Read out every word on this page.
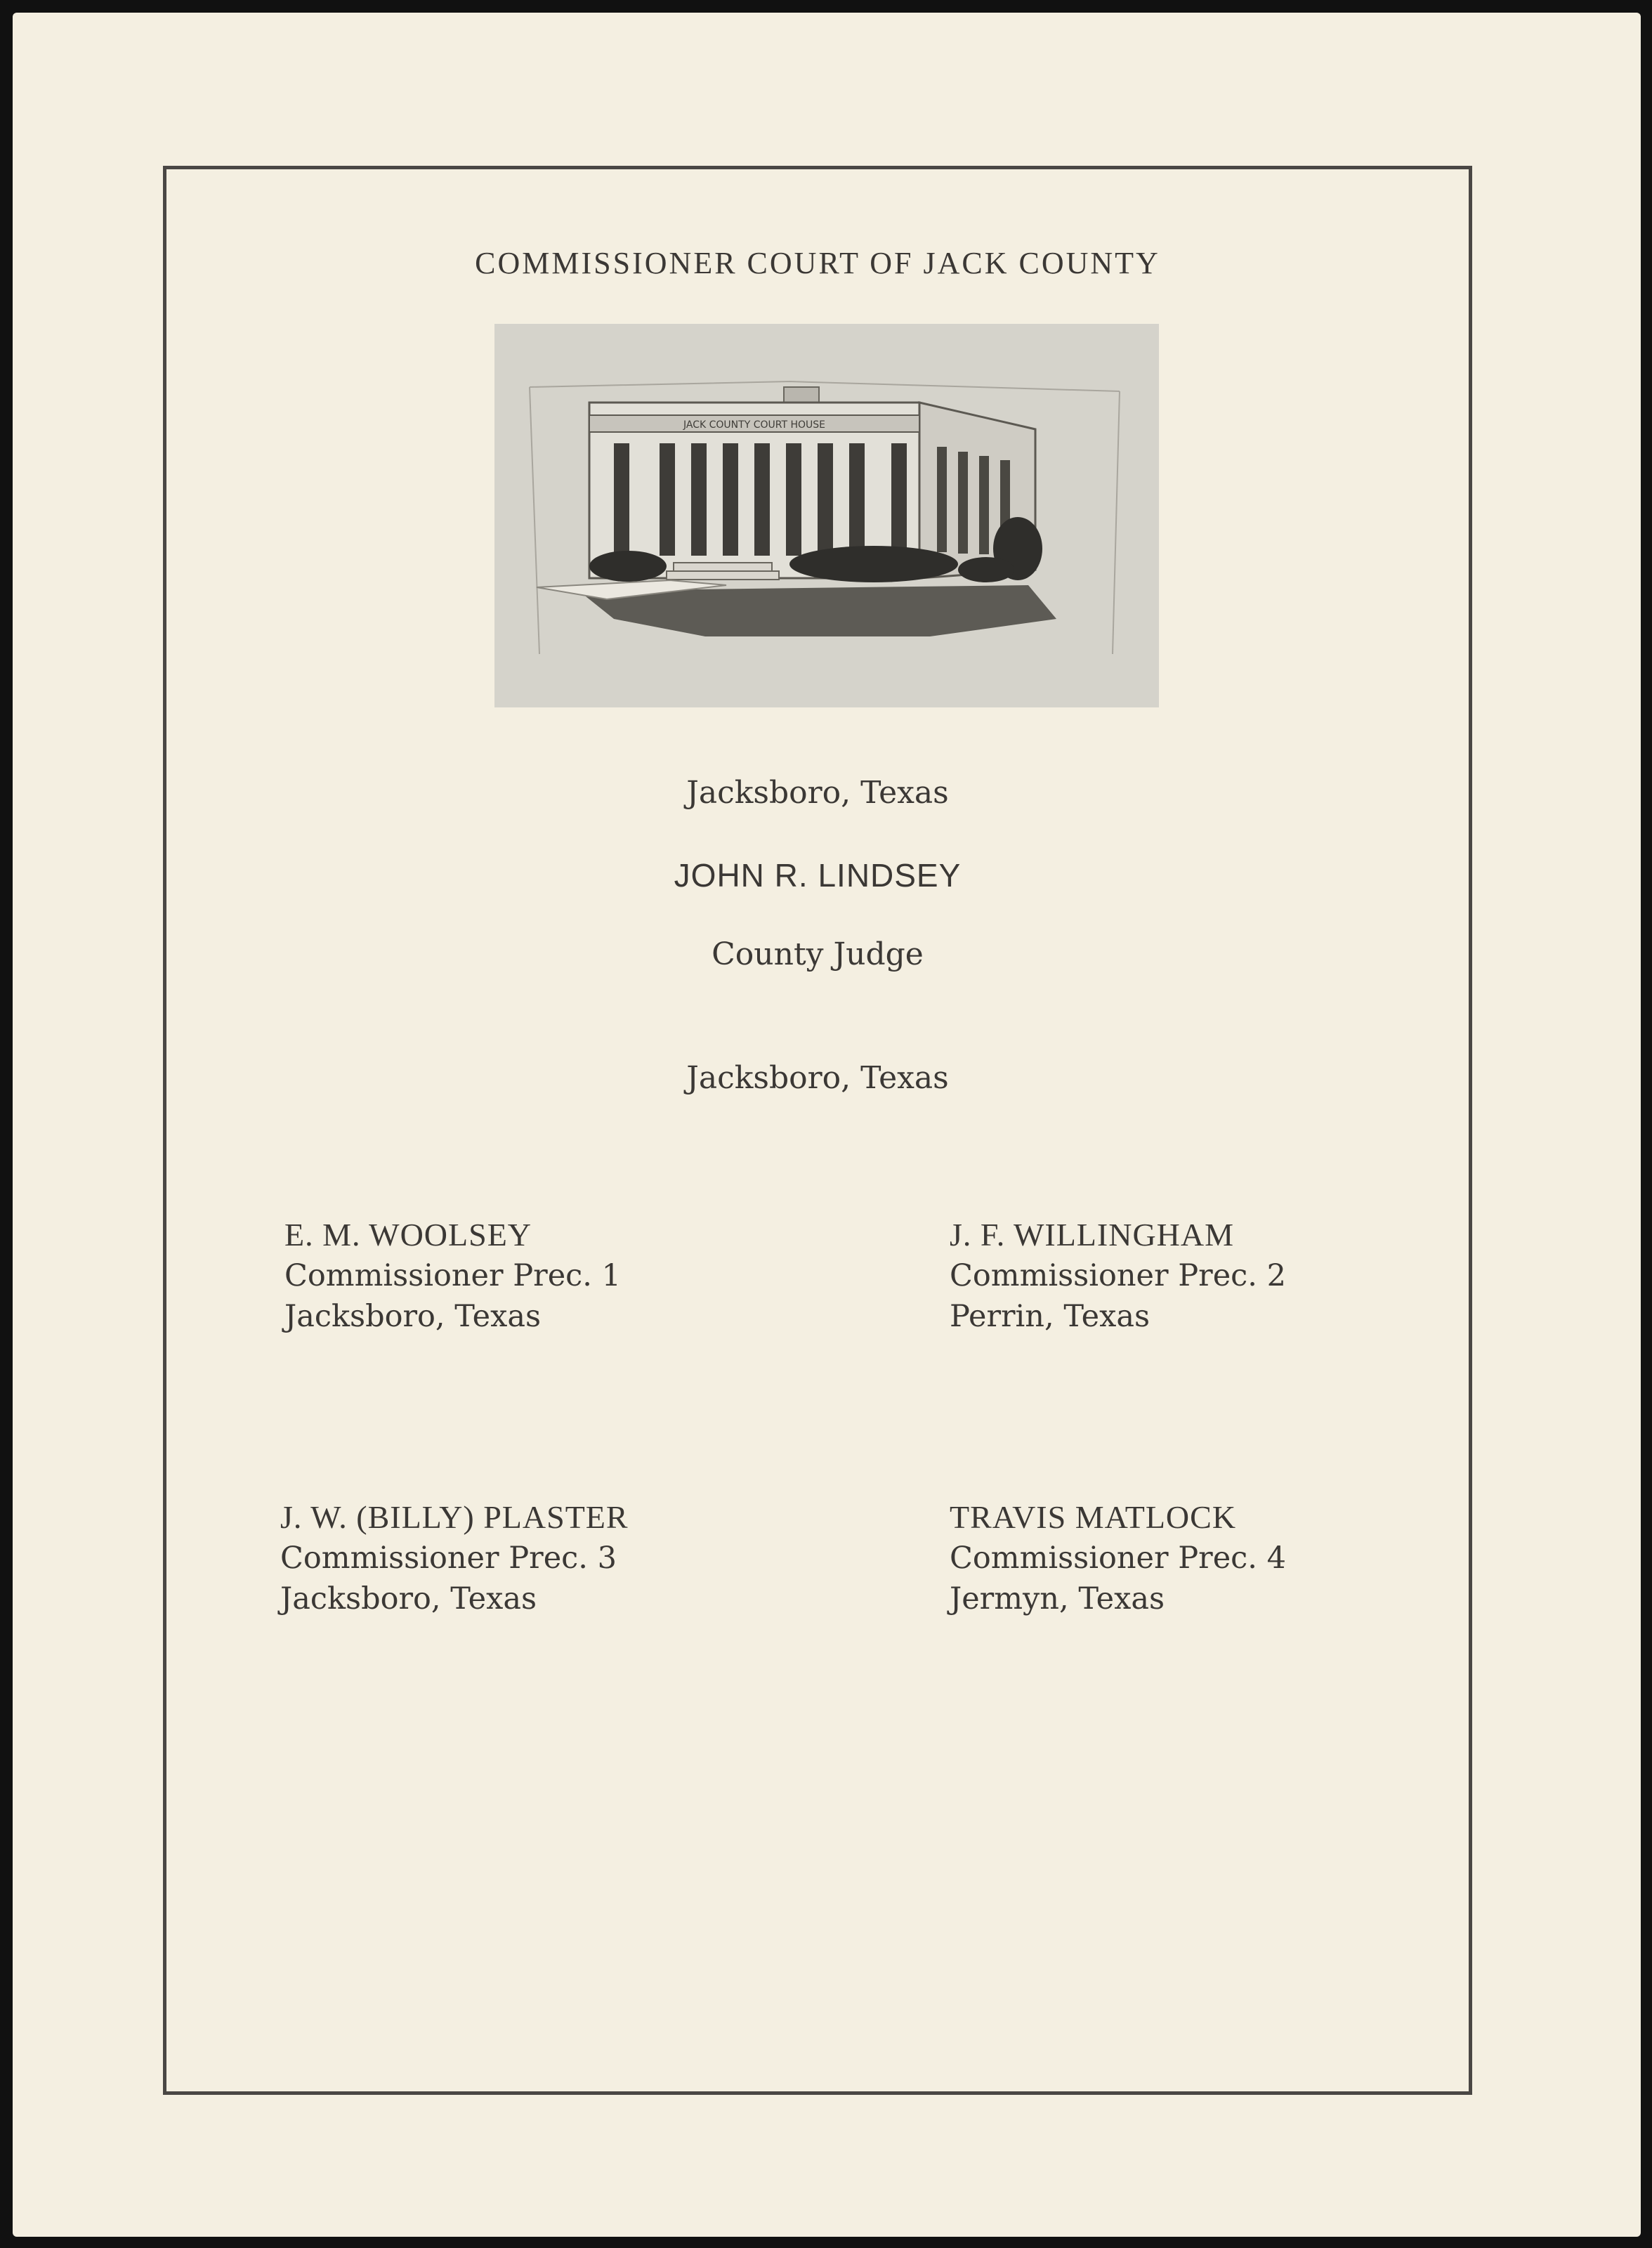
COMMISSIONER COURT OF JACK COUNTY
JACK COUNTY COURT HOUSE
Jacksboro, Texas
JOHN R. LINDSEY
County Judge
Jacksboro, Texas
E. M. WOOLSEY
Commissioner Prec. 1
Jacksboro, Texas
J. F. WILLINGHAM
Commissioner Prec. 2
Perrin, Texas
J. W. (BILLY) PLASTER
Commissioner Prec. 3
Jacksboro, Texas
TRAVIS MATLOCK
Commissioner Prec. 4
Jermyn, Texas
